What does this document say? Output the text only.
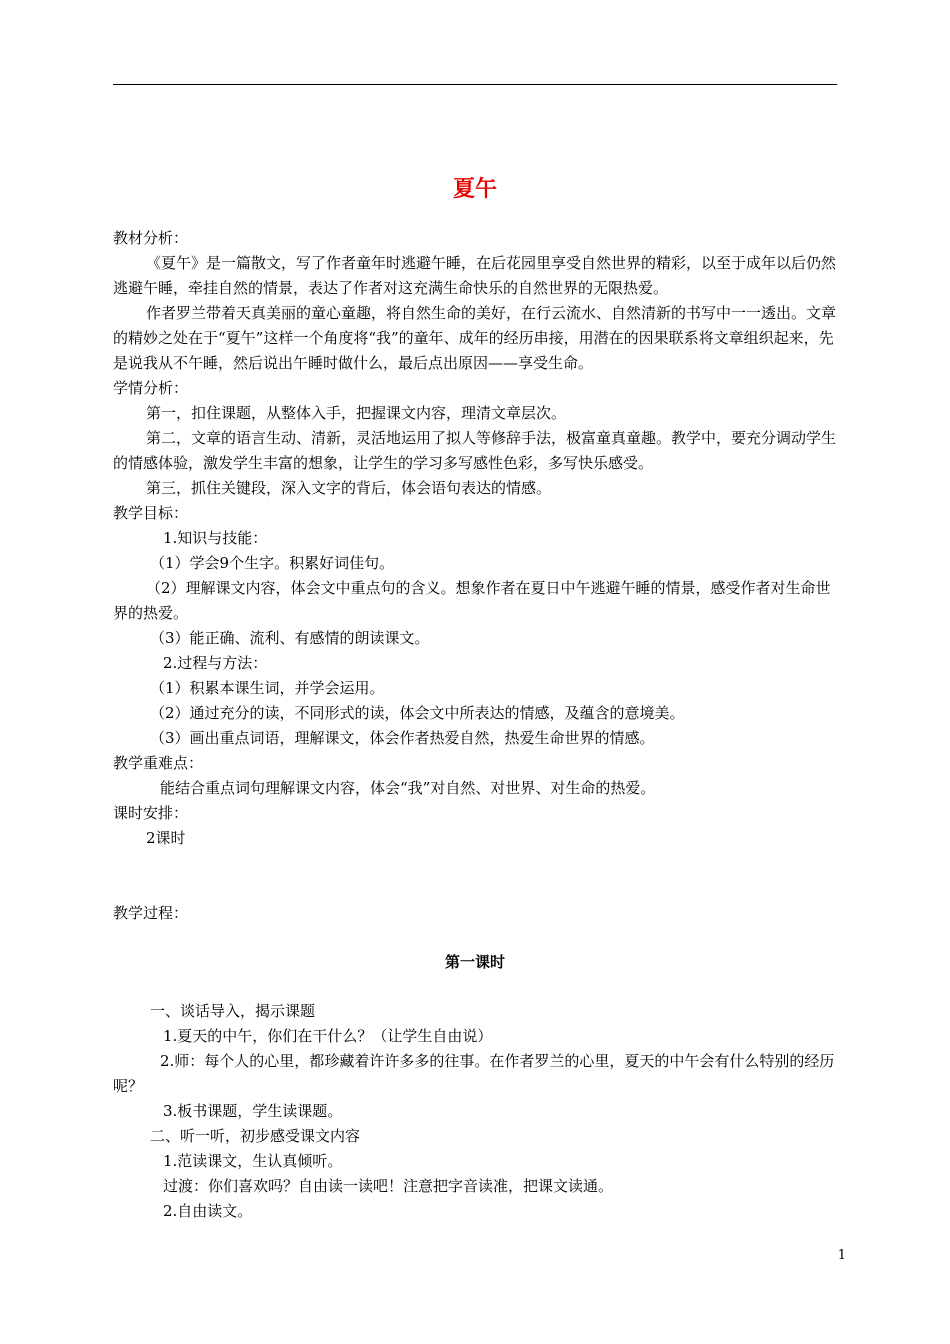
夏午

教材分析：

《夏午》是一篇散文，写了作者童年时逃避午睡，在后花园里享受自然世界的精彩，以至于成年以后仍然逃避午睡，牵挂自然的情景，表达了作者对这充满生命快乐的自然世界的无限热爱。

作者罗兰带着天真美丽的童心童趣，将自然生命的美好，在行云流水、自然清新的书写中一一透出。文章的精妙之处在于“夏午”这样一个角度将“我”的童年、成年的经历串接，用潜在的因果联系将文章组织起来，先是说我从不午睡，然后说出午睡时做什么，最后点出原因——享受生命。

学情分析：

第一，扣住课题，从整体入手，把握课文内容，理清文章层次。

第二，文章的语言生动、清新，灵活地运用了拟人等修辞手法，极富童真童趣。教学中，要充分调动学生的情感体验，激发学生丰富的想象，让学生的学习多写感性色彩，多写快乐感受。

第三，抓住关键段，深入文字的背后，体会语句表达的情感。

教学目标：

1.知识与技能：

（1）学会9个生字。积累好词佳句。

（2）理解课文内容，体会文中重点句的含义。想象作者在夏日中午逃避午睡的情景，感受作者对生命世界的热爱。

（3）能正确、流利、有感情的朗读课文。

2.过程与方法：

（1）积累本课生词，并学会运用。

（2）通过充分的读，不同形式的读，体会文中所表达的情感，及蕴含的意境美。

（3）画出重点词语，理解课文，体会作者热爱自然，热爱生命世界的情感。

教学重难点：

能结合重点词句理解课文内容，体会“我”对自然、对世界、对生命的热爱。

课时安排：

2课时

教学过程：

第一课时

一、谈话导入，揭示课题

1.夏天的中午，你们在干什么？（让学生自由说）

2.师：每个人的心里，都珍藏着许许多多的往事。在作者罗兰的心里，夏天的中午会有什么特别的经历呢？

3.板书课题，学生读课题。

二、听一听，初步感受课文内容

1.范读课文，生认真倾听。

过渡：你们喜欢吗？自由读一读吧！注意把字音读准，把课文读通。

2.自由读文。

1
